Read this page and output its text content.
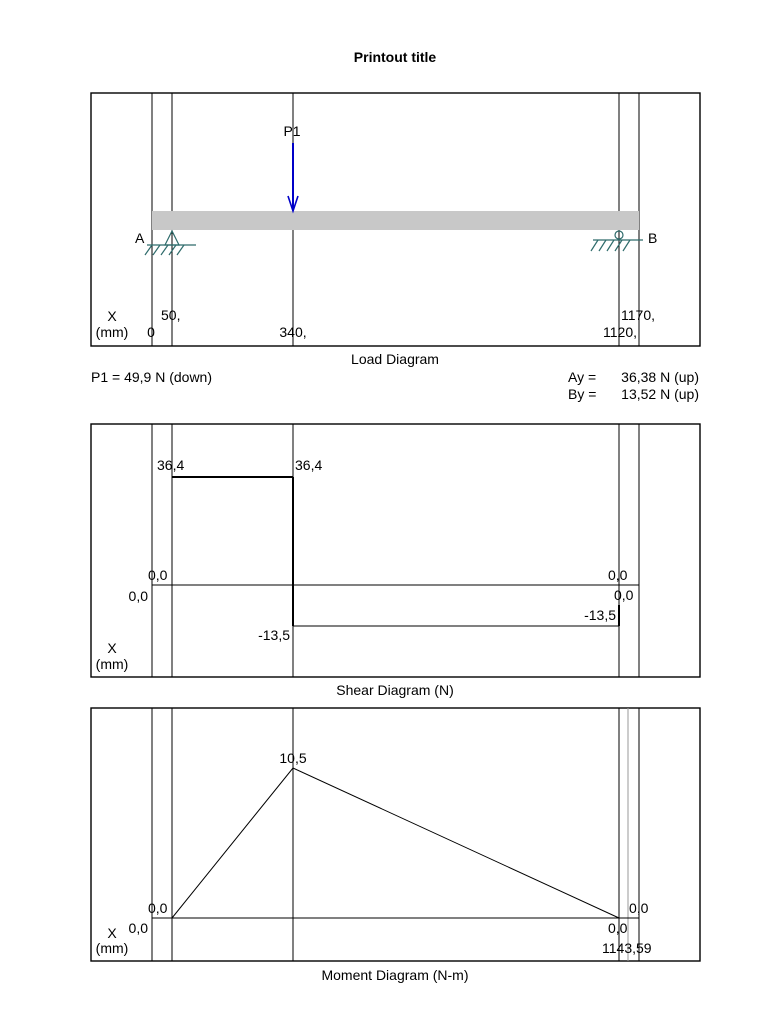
Printout title
P1
A	B
X
(mm)
50,
0	340,
1170,
1120,
Load Diagram
P1 = 49,9 N (down)	Ay = 36,38 N (up)
By = 13,52 N (up)
36,4	36,4
0,0	0,0
0,0	0,0
-13,5
-13,5
X
(mm)
Shear Diagram (N)
10,5
0,0	0,0
0,0	0,0
1143,59
X
(mm)
Moment Diagram (N-m)
